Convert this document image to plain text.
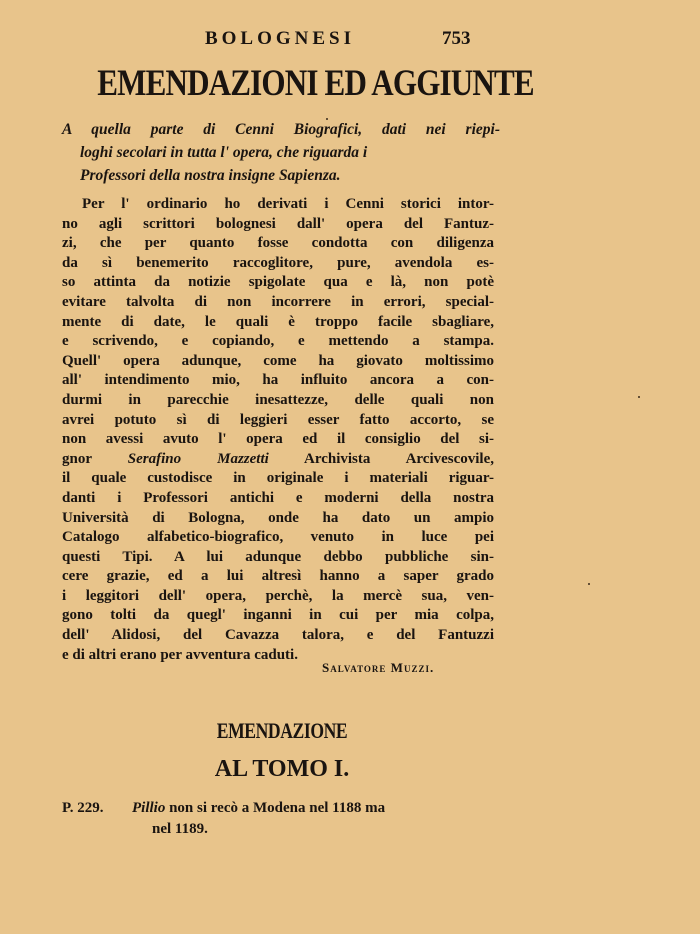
BOLOGNESI	753
EMENDAZIONI ED AGGIUNTE
A quella parte di Cenni Biografici, dati nei riepi-
loghi secolari in tutta l' opera, che riguarda i
Professori della nostra insigne Sapienza.
Per l' ordinario ho derivati i Cenni storici intor-
no agli scrittori bolognesi dall' opera del Fantuz-
zi, che per quanto fosse condotta con diligenza
da sì benemerito raccoglitore, pure, avendola es-
so attinta da notizie spigolate qua e là, non potè
evitare talvolta di non incorrere in errori, special-
mente di date, le quali è troppo facile sbagliare,
e scrivendo, e copiando, e mettendo a stampa.
Quell' opera adunque, come ha giovato moltissimo
all' intendimento mio, ha influito ancora a con-
durmi in parecchie inesattezze, delle quali non
avrei potuto sì di leggieri esser fatto accorto, se
non avessi avuto l' opera ed il consiglio del si-
gnor Serafino Mazzetti Archivista Arcivescovile,
il quale custodisce in originale i materiali riguar-
danti i Professori antichi e moderni della nostra
Università di Bologna, onde ha dato un ampio
Catalogo alfabetico-biografico, venuto in luce pei
questi Tipi. A lui adunque debbo pubbliche sin-
cere grazie, ed a lui altresì hanno a saper grado
i leggitori dell' opera, perchè, la mercè sua, ven-
gono tolti da quegl' inganni in cui per mia colpa,
dell' Alidosi, del Cavazza talora, e del Fantuzzi
e di altri erano per avventura caduti.
Salvatore Muzzi.
EMENDAZIONE
AL TOMO I.
P. 229. Pillio non si recò a Modena nel 1188 ma
nel 1189.
